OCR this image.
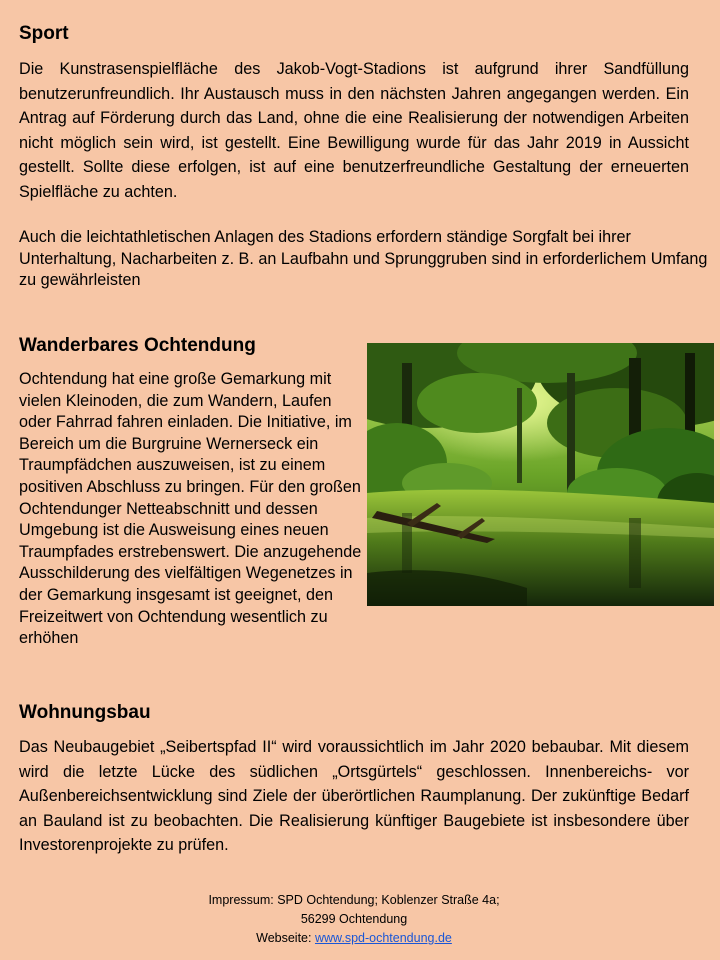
Sport

Die Kunstrasenspielfläche des Jakob-Vogt-Stadions ist aufgrund ihrer Sandfüllung benutzerunfreundlich. Ihr Austausch muss in den nächsten Jahren angegangen werden. Ein Antrag auf Förderung durch das Land, ohne die eine Realisierung der notwendigen Arbeiten nicht möglich sein wird, ist gestellt. Eine Bewilligung wurde für das Jahr 2019 in Aussicht gestellt. Sollte diese erfolgen, ist auf eine benutzerfreundliche Gestaltung der erneuerten Spielfläche zu achten.

Auch die leichtathletischen Anlagen des Stadions erfordern ständige Sorgfalt bei ihrer Unterhaltung, Nacharbeiten z. B. an Laufbahn und Sprunggruben sind in erforderlichem Umfang zu gewährleisten

Wanderbares Ochtendung

Ochtendung hat eine große Gemarkung mit vielen Kleinoden, die zum Wandern, Laufen oder Fahrrad fahren einladen. Die Initiative, im Bereich um die Burgruine Wernerseck ein Traumpfädchen auszuweisen, ist zu einem positiven Abschluss zu bringen. Für den großen Ochtendunger Netteabschnitt und dessen Umgebung ist die Ausweisung eines neuen Traumpfades erstrebenswert. Die anzugehende Ausschilderung des vielfältigen Wegenetzes in der Gemarkung insgesamt ist geeignet, den Freizeitwert von Ochtendung wesentlich zu erhöhen

Wohnungsbau

Das Neubaugebiet „Seibertspfad II“ wird voraussichtlich im Jahr 2020 bebaubar. Mit diesem wird die letzte Lücke des südlichen „Ortsgürtels“ geschlossen. Innenbereichs- vor Außenbereichsentwicklung sind Ziele der überörtlichen Raumplanung. Der zukünftige Bedarf an Bauland ist zu beobachten. Die Realisierung künftiger Baugebiete ist insbesondere über Investorenprojekte zu prüfen.

Impressum: SPD Ochtendung; Koblenzer Straße 4a;
56299 Ochtendung
Webseite: www.spd-ochtendung.de
